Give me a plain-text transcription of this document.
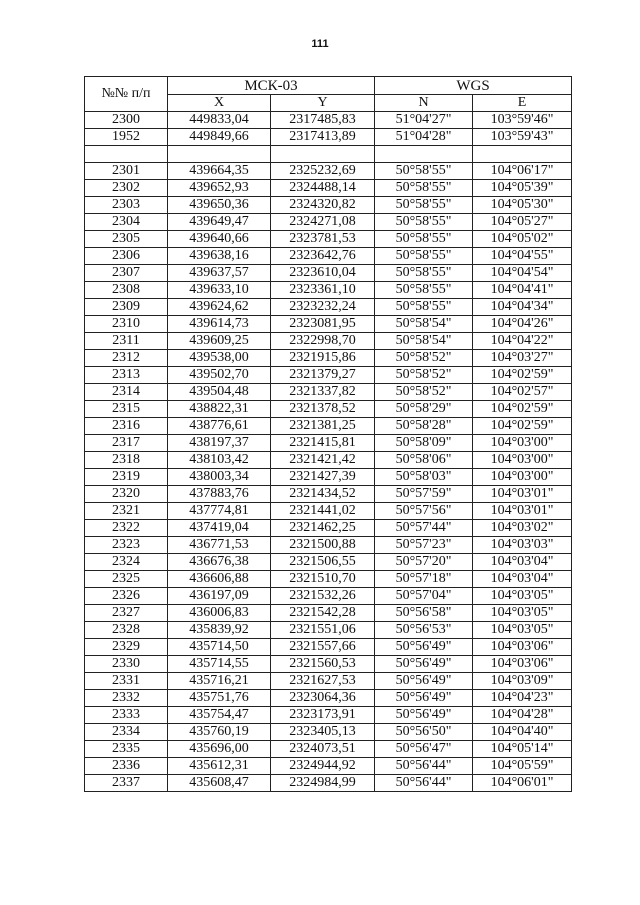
111
№№ п/п	МСК-03		WGS	
	X	Y	N	E
2300	449833,04	2317485,83	51°04'27"	103°59'46"
1952	449849,66	2317413,89	51°04'28"	103°59'43"

2301	439664,35	2325232,69	50°58'55"	104°06'17"
2302	439652,93	2324488,14	50°58'55"	104°05'39"
2303	439650,36	2324320,82	50°58'55"	104°05'30"
2304	439649,47	2324271,08	50°58'55"	104°05'27"
2305	439640,66	2323781,53	50°58'55"	104°05'02"
2306	439638,16	2323642,76	50°58'55"	104°04'55"
2307	439637,57	2323610,04	50°58'55"	104°04'54"
2308	439633,10	2323361,10	50°58'55"	104°04'41"
2309	439624,62	2323232,24	50°58'55"	104°04'34"
2310	439614,73	2323081,95	50°58'54"	104°04'26"
2311	439609,25	2322998,70	50°58'54"	104°04'22"
2312	439538,00	2321915,86	50°58'52"	104°03'27"
2313	439502,70	2321379,27	50°58'52"	104°02'59"
2314	439504,48	2321337,82	50°58'52"	104°02'57"
2315	438822,31	2321378,52	50°58'29"	104°02'59"
2316	438776,61	2321381,25	50°58'28"	104°02'59"
2317	438197,37	2321415,81	50°58'09"	104°03'00"
2318	438103,42	2321421,42	50°58'06"	104°03'00"
2319	438003,34	2321427,39	50°58'03"	104°03'00"
2320	437883,76	2321434,52	50°57'59"	104°03'01"
2321	437774,81	2321441,02	50°57'56"	104°03'01"
2322	437419,04	2321462,25	50°57'44"	104°03'02"
2323	436771,53	2321500,88	50°57'23"	104°03'03"
2324	436676,38	2321506,55	50°57'20"	104°03'04"
2325	436606,88	2321510,70	50°57'18"	104°03'04"
2326	436197,09	2321532,26	50°57'04"	104°03'05"
2327	436006,83	2321542,28	50°56'58"	104°03'05"
2328	435839,92	2321551,06	50°56'53"	104°03'05"
2329	435714,50	2321557,66	50°56'49"	104°03'06"
2330	435714,55	2321560,53	50°56'49"	104°03'06"
2331	435716,21	2321627,53	50°56'49"	104°03'09"
2332	435751,76	2323064,36	50°56'49"	104°04'23"
2333	435754,47	2323173,91	50°56'49"	104°04'28"
2334	435760,19	2323405,13	50°56'50"	104°04'40"
2335	435696,00	2324073,51	50°56'47"	104°05'14"
2336	435612,31	2324944,92	50°56'44"	104°05'59"
2337	435608,47	2324984,99	50°56'44"	104°06'01"
